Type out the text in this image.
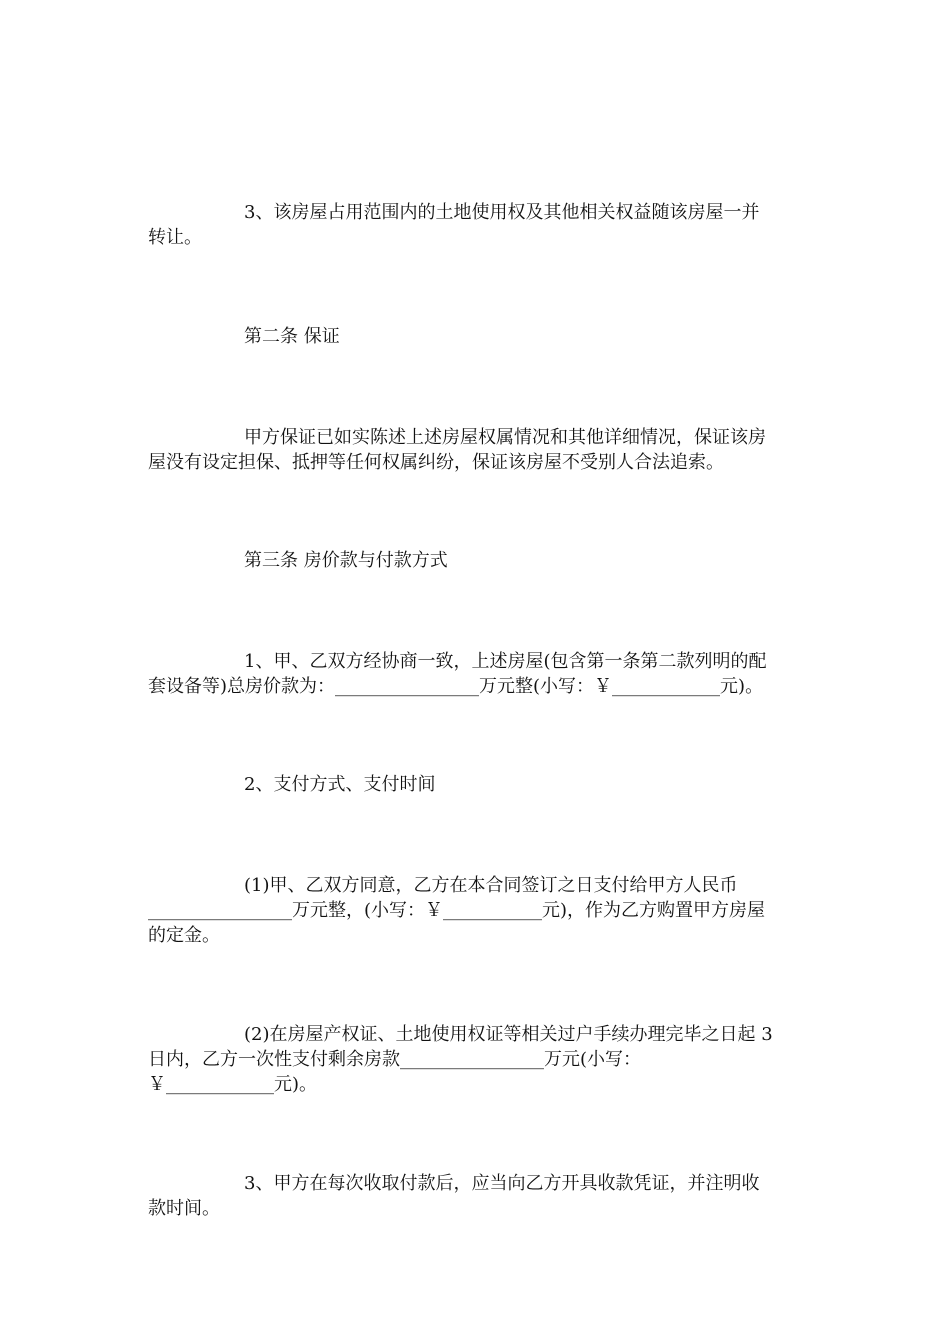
3、该房屋占用范围内的土地使用权及其他相关权益随该房屋一并
转让。
第二条 保证
甲方保证已如实陈述上述房屋权属情况和其他详细情况，保证该房
屋没有设定担保、抵押等任何权属纠纷，保证该房屋不受别人合法追索。
第三条 房价款与付款方式
1、甲、乙双方经协商一致，上述房屋(包含第一条第二款列明的配
套设备等)总房价款为：________________万元整(小写：￥____________元)。
2、支付方式、支付时间
(1)甲、乙双方同意，乙方在本合同签订之日支付给甲方人民币
________________万元整，(小写：￥___________元)，作为乙方购置甲方房屋
的定金。
(2)在房屋产权证、土地使用权证等相关过户手续办理完毕之日起 3
日内，乙方一次性支付剩余房款________________万元(小写：
￥____________元)。
3、甲方在每次收取付款后，应当向乙方开具收款凭证，并注明收
款时间。
